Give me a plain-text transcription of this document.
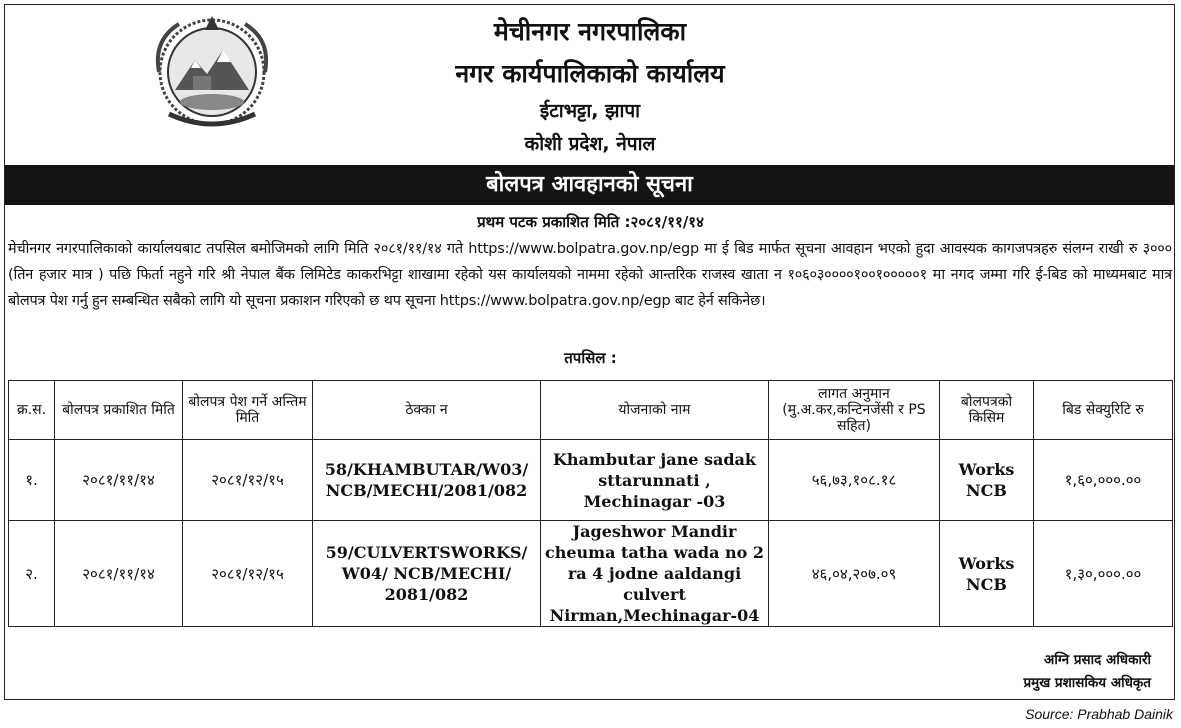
मेचीनगर नगरपालिका
नगर कार्यपालिकाको कार्यालय
ईटाभट्टा, झापा
कोशी प्रदेश, नेपाल
बोलपत्र आवहानको सूचना
प्रथम पटक प्रकाशित मिति :२०८१/११/१४
मेचीनगर नगरपालिकाको कार्यालयबाट तपसिल बमोजिमको लागि मिति २०८१/११/१४ गते https://www.bolpatra.gov.np/egp मा ई बिड मार्फत सूचना आवहान भएको हुदा आवस्यक कागजपत्रहरु संलग्न राखी रु ३००० (तिन हजार मात्र ) पछि फिर्ता नहुने गरि श्री नेपाल बैंक लिमिटेड काकरभिट्टा शाखामा रहेको यस कार्यालयको नाममा रहेको आन्तरिक राजस्व खाता न १०६०३००००१००१०००००१ मा नगद जम्मा गरि ई-बिड को माध्यमबाट मात्र बोलपत्र पेश गर्नु हुन सम्बन्धित सबैको लागि यो सूचना प्रकाशन गरिएको छ थप सूचना https://www.bolpatra.gov.np/egp बाट हेर्न सकिनेछ।
तपसिल :
क्र.स.	बोलपत्र प्रकाशित मिति	बोलपत्र पेश गर्ने अन्तिम मिति	ठेक्का न	योजनाको नाम	लागत अनुमान (मु.अ.कर,कन्टिनजेंसी र PS सहित)	बोलपत्रको किसिम	बिड सेक्युरिटि रु
१.	२०८१/११/१४	२०८१/१२/१५	58/KHAMBUTAR/W03/ NCB/MECHI/2081/082	Khambutar jane sadak sttarunnati , Mechinagar -03	५६,७३,१०८.१८	Works NCB	१,६०,०००.००
२.	२०८१/११/१४	२०८१/१२/१५	59/CULVERTSWORKS/ W04/ NCB/MECHI/ 2081/082	Jageshwor Mandir cheuma tatha wada no 2 ra 4 jodne aaldangi culvert Nirman,Mechinagar-04	४६,०४,२०७.०९	Works NCB	१,३०,०००.००
अग्नि प्रसाद अधिकारी
प्रमुख प्रशासकिय अधिकृत
Source: Prabhab Dainik
